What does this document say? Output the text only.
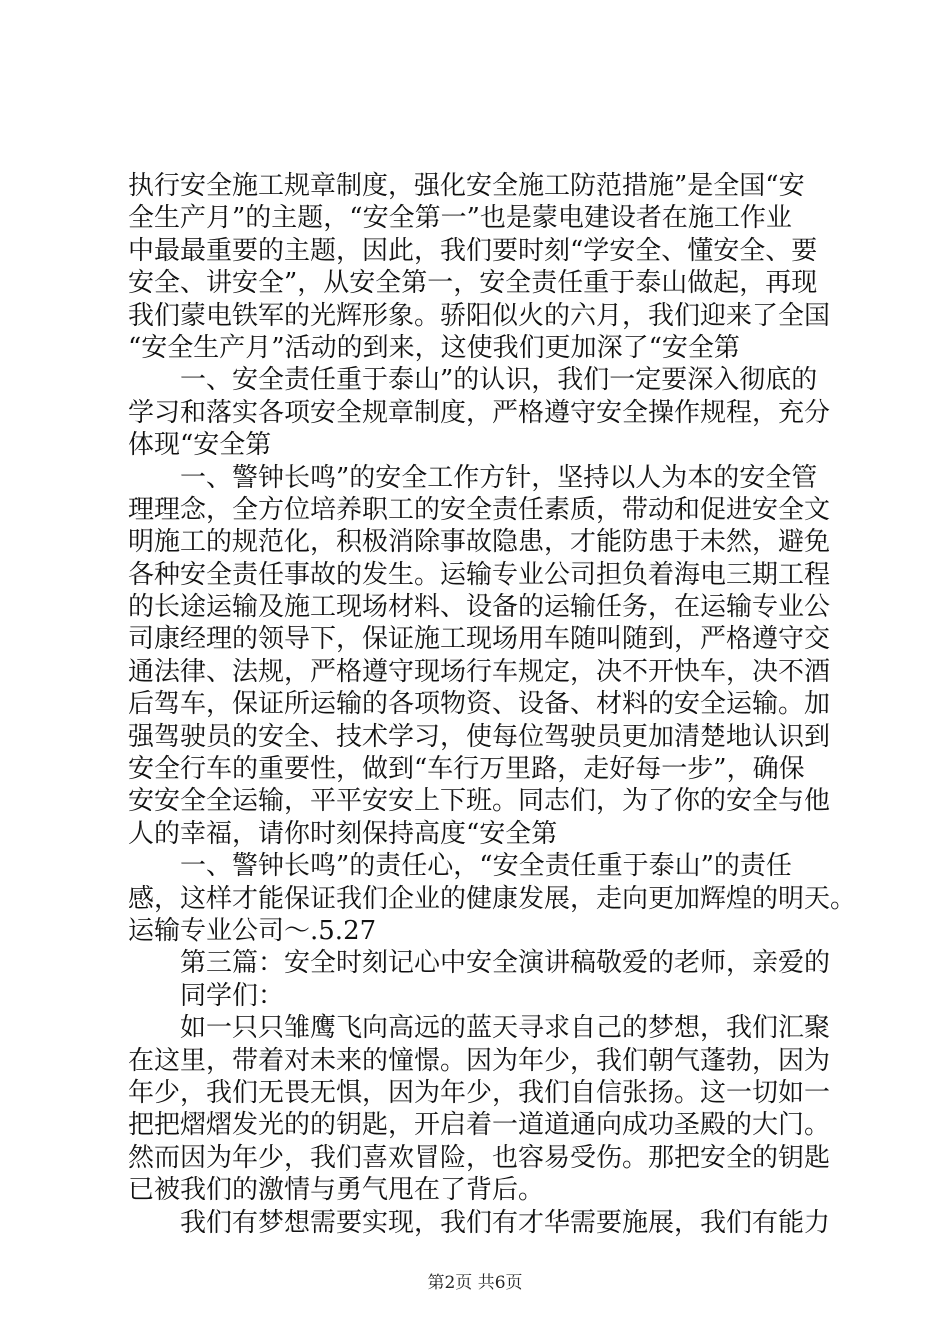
执行安全施工规章制度，强化安全施工防范措施”是全国“安
全生产月”的主题，“安全第一”也是蒙电建设者在施工作业
中最最重要的主题，因此，我们要时刻“学安全、懂安全、要
安全、讲安全”，从安全第一，安全责任重于泰山做起，再现
我们蒙电铁军的光辉形象。骄阳似火的六月，我们迎来了全国
“安全生产月”活动的到来，这使我们更加深了“安全第
一、安全责任重于泰山”的认识，我们一定要深入彻底的
学习和落实各项安全规章制度，严格遵守安全操作规程，充分
体现“安全第
一、警钟长鸣”的安全工作方针，坚持以人为本的安全管
理理念，全方位培养职工的安全责任素质，带动和促进安全文
明施工的规范化，积极消除事故隐患，才能防患于未然，避免
各种安全责任事故的发生。运输专业公司担负着海电三期工程
的长途运输及施工现场材料、设备的运输任务，在运输专业公
司康经理的领导下，保证施工现场用车随叫随到，严格遵守交
通法律、法规，严格遵守现场行车规定，决不开快车，决不酒
后驾车，保证所运输的各项物资、设备、材料的安全运输。加
强驾驶员的安全、技术学习，使每位驾驶员更加清楚地认识到
安全行车的重要性，做到“车行万里路，走好每一步”，确保
安安全全运输，平平安安上下班。同志们，为了你的安全与他
人的幸福，请你时刻保持高度“安全第
一、警钟长鸣”的责任心，“安全责任重于泰山”的责任
感，这样才能保证我们企业的健康发展，走向更加辉煌的明天。
运输专业公司～.5.27
第三篇：安全时刻记心中安全演讲稿敬爱的老师，亲爱的
同学们：
如一只只雏鹰飞向高远的蓝天寻求自己的梦想，我们汇聚
在这里，带着对未来的憧憬。因为年少，我们朝气蓬勃，因为
年少，我们无畏无惧，因为年少，我们自信张扬。这一切如一
把把熠熠发光的的钥匙，开启着一道道通向成功圣殿的大门。
然而因为年少，我们喜欢冒险，也容易受伤。那把安全的钥匙
已被我们的激情与勇气甩在了背后。
我们有梦想需要实现，我们有才华需要施展，我们有能力
第2页 共6页
